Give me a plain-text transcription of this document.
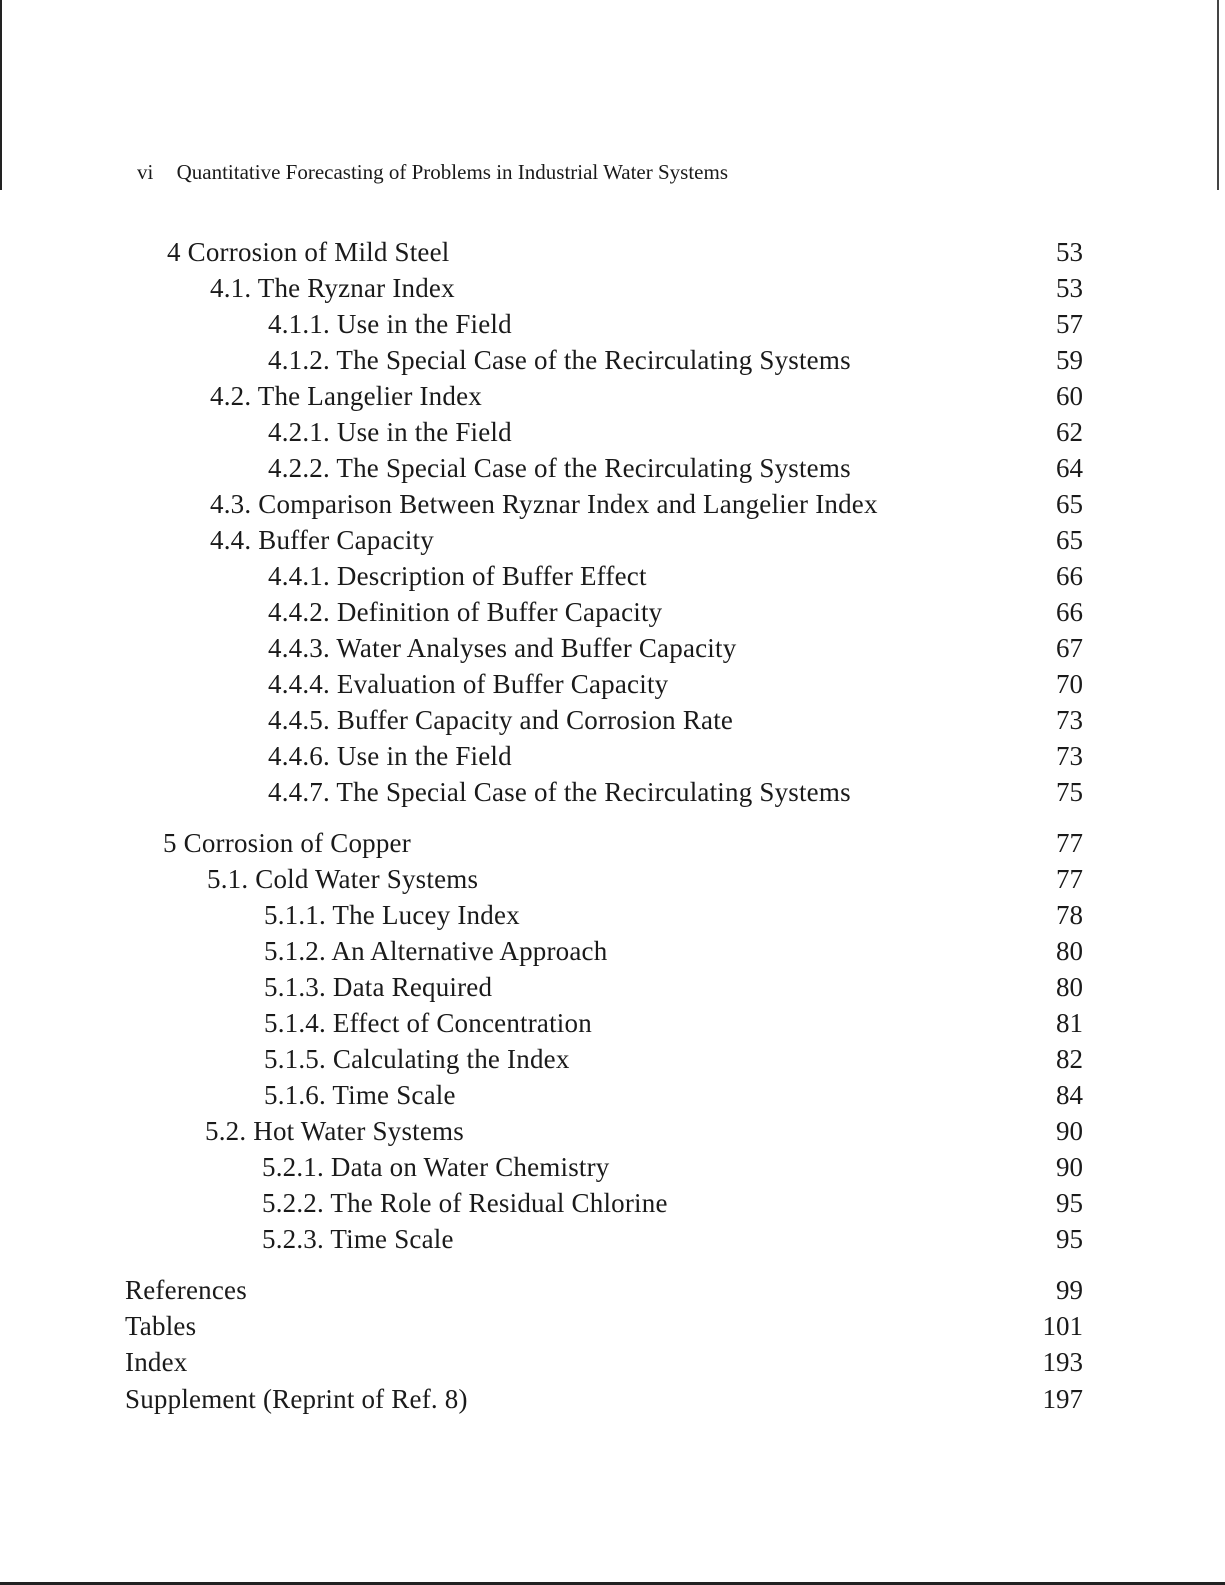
vi Quantitative Forecasting of Problems in Industrial Water Systems
4 Corrosion of Mild Steel	53
4.1. The Ryznar Index	53
4.1.1. Use in the Field	57
4.1.2. The Special Case of the Recirculating Systems	59
4.2. The Langelier Index	60
4.2.1. Use in the Field	62
4.2.2. The Special Case of the Recirculating Systems	64
4.3. Comparison Between Ryznar Index and Langelier Index	65
4.4. Buffer Capacity	65
4.4.1. Description of Buffer Effect	66
4.4.2. Definition of Buffer Capacity	66
4.4.3. Water Analyses and Buffer Capacity	67
4.4.4. Evaluation of Buffer Capacity	70
4.4.5. Buffer Capacity and Corrosion Rate	73
4.4.6. Use in the Field	73
4.4.7. The Special Case of the Recirculating Systems	75
5 Corrosion of Copper	77
5.1. Cold Water Systems	77
5.1.1. The Lucey Index	78
5.1.2. An Alternative Approach	80
5.1.3. Data Required	80
5.1.4. Effect of Concentration	81
5.1.5. Calculating the Index	82
5.1.6. Time Scale	84
5.2. Hot Water Systems	90
5.2.1. Data on Water Chemistry	90
5.2.2. The Role of Residual Chlorine	95
5.2.3. Time Scale	95
References	99
Tables	101
Index	193
Supplement (Reprint of Ref. 8)	197
